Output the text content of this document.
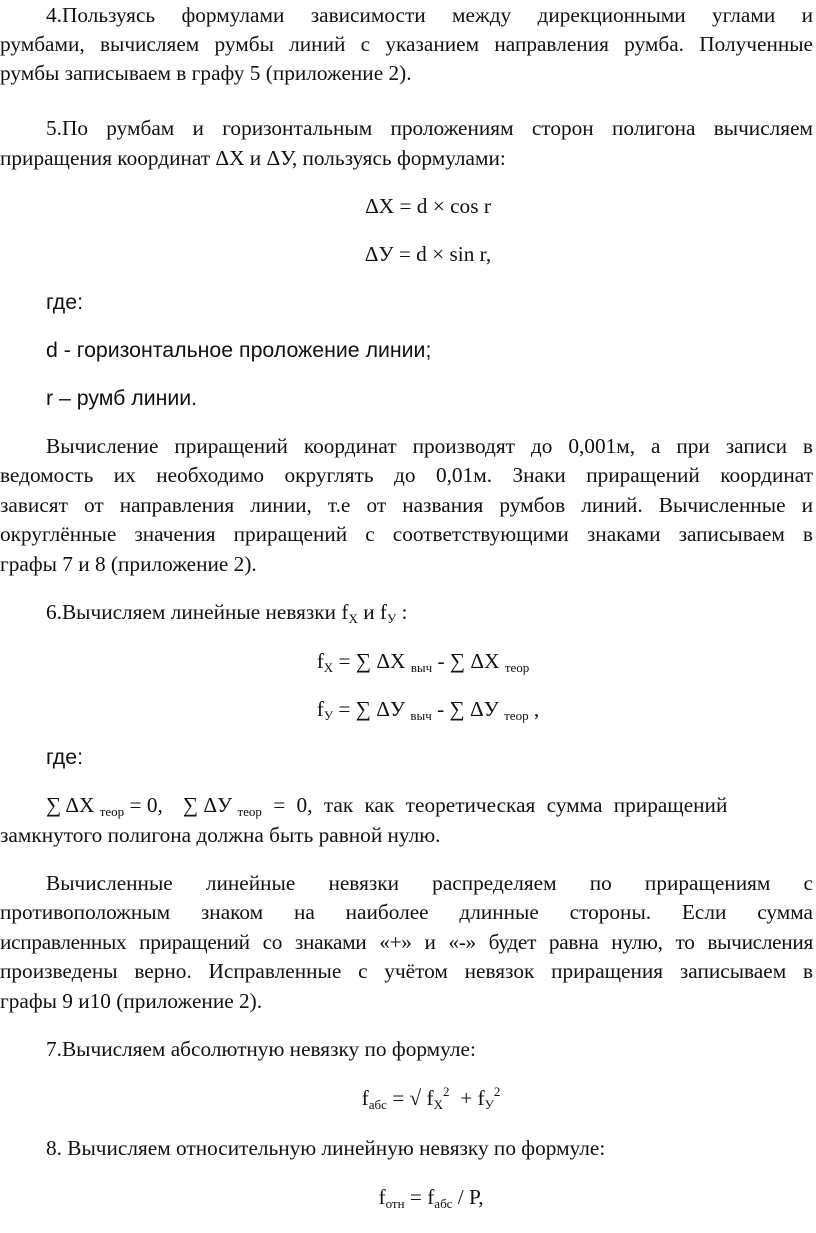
4.Пользуясь формулами зависимости между дирекционными углами и
румбами, вычисляем румбы линий с указанием направления румба. Полученные
румбы записываем в графу 5 (приложение 2).
5.По румбам и горизонтальным проложениям сторон полигона вычисляем
приращения координат ΔХ и ΔУ, пользуясь формулами:
ΔХ = d × cos r
ΔУ = d × sin r,
где:
d - горизонтальное проложение линии;
r – румб линии.
Вычисление приращений координат производят до 0,001м, а при записи в
ведомость их необходимо округлять до 0,01м. Знаки приращений координат
зависят от направления линии, т.е от названия румбов линий. Вычисленные и
округлённые значения приращений с соответствующими знаками записываем в
графы 7 и 8 (приложение 2).
6.Вычисляем линейные невязки fХ и fУ :
fХ = ∑ ΔХ выч - ∑ ΔХ теор
fУ = ∑ ΔУ выч - ∑ ΔУ теор ,
где:
∑ ΔХ теор = 0, ∑ ΔУ теор = 0, так как теоретическая сумма приращений
замкнутого полигона должна быть равной нулю.
Вычисленные линейные невязки распределяем по приращениям с
противоположным знаком на наиболее длинные стороны. Если сумма
исправленных приращений со знаками «+» и «-» будет равна нулю, то вычисления
произведены верно. Исправленные с учётом невязок приращения записываем в
графы 9 и10 (приложение 2).
7.Вычисляем абсолютную невязку по формуле:
fабс = √ $fХ^2 + fУ^2$
8. Вычисляем относительную линейную невязку по формуле:
fотн = fабс / Р,
